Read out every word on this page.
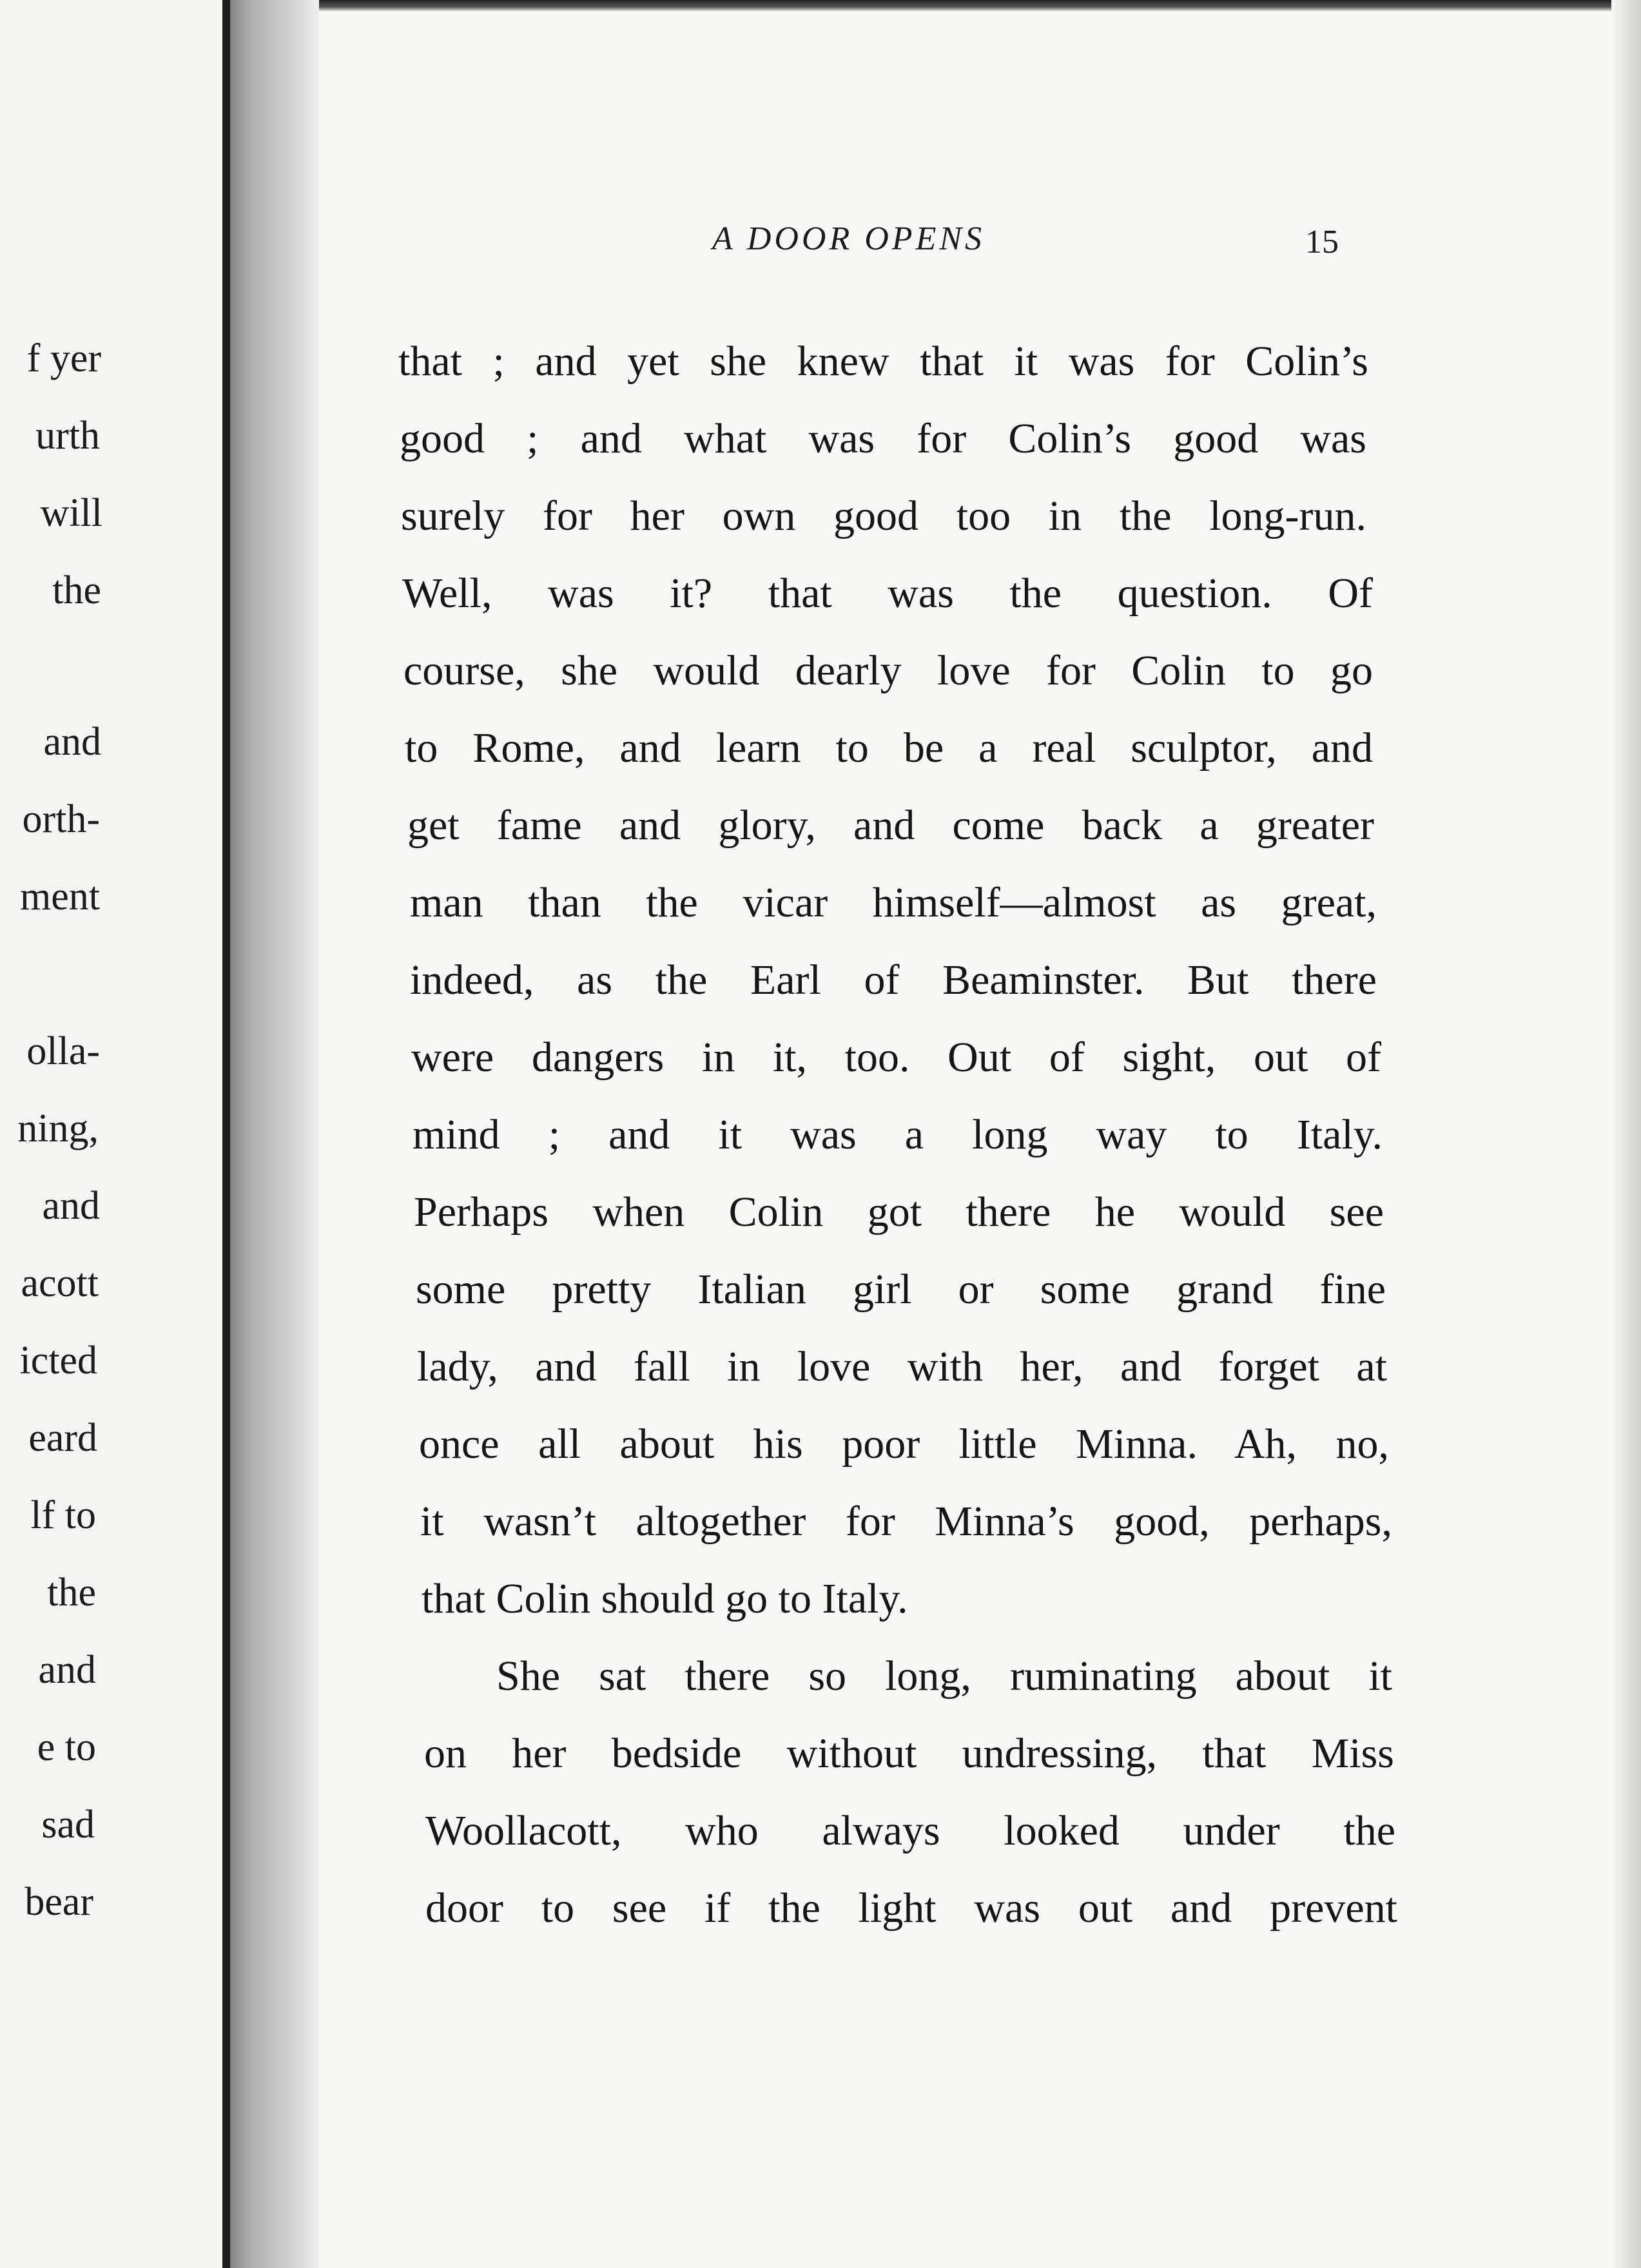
f yer

urth

will

the

and

orth-

ment

olla-

ning,

and

acott

icted

eard

lf to

the

and

e to

sad

bear

A DOOR OPENS	15

that ; and yet she knew that it was for Colin’s

good ; and what was for Colin’s good was

surely for her own good too in the long-run.

Well, was it? that was the question. Of

course, she would dearly love for Colin to go

to Rome, and learn to be a real sculptor, and

get fame and glory, and come back a greater

man than the vicar himself—almost as great,

indeed, as the Earl of Beaminster. But there

were dangers in it, too. Out of sight, out of

mind ; and it was a long way to Italy.

Perhaps when Colin got there he would see

some pretty Italian girl or some grand fine

lady, and fall in love with her, and forget at

once all about his poor little Minna. Ah, no,

it wasn’t altogether for Minna’s good, perhaps,

that Colin should go to Italy.

She sat there so long, ruminating about it

on her bedside without undressing, that Miss

Woollacott, who always looked under the

door to see if the light was out and prevent
